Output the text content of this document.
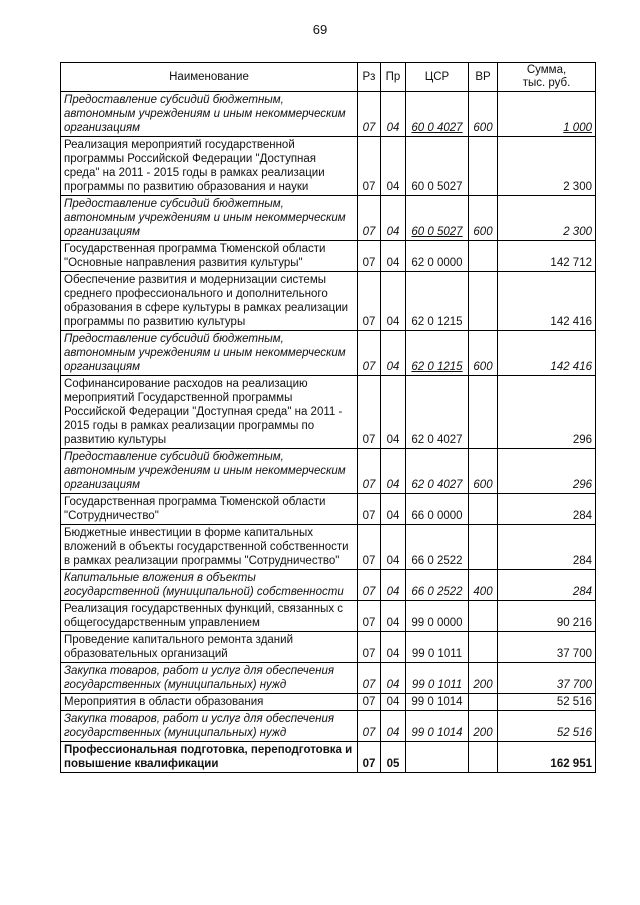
69
Наименование	Рз	Пр	ЦСР	ВР	Сумма,
тыс. руб.
Предоставление субсидий бюджетным, автономным учреждениям и иным некоммерческим организациям	07	04	60 0 4027	600	1 000
Реализация мероприятий государственной программы Российской Федерации "Доступная среда" на 2011 - 2015 годы в рамках реализации программы по развитию образования и науки	07	04	60 0 5027		2 300
Предоставление субсидий бюджетным, автономным учреждениям и иным некоммерческим организациям	07	04	60 0 5027	600	2 300
Государственная программа Тюменской области "Основные направления развития культуры"	07	04	62 0 0000		142 712
Обеспечение развития и модернизации системы среднего профессионального и дополнительного образования в сфере культуры в рамках реализации программы по развитию культуры	07	04	62 0 1215		142 416
Предоставление субсидий бюджетным, автономным учреждениям и иным некоммерческим организациям	07	04	62 0 1215	600	142 416
Софинансирование расходов на реализацию мероприятий Государственной программы Российской Федерации "Доступная среда" на 2011 - 2015 годы в рамках реализации программы по развитию культуры	07	04	62 0 4027		296
Предоставление субсидий бюджетным, автономным учреждениям и иным некоммерческим организациям	07	04	62 0 4027	600	296
Государственная программа Тюменской области "Сотрудничество"	07	04	66 0 0000		284
Бюджетные инвестиции в форме капитальных вложений в объекты государственной собственности в рамках реализации программы "Сотрудничество"	07	04	66 0 2522		284
Капитальные вложения в объекты государственной (муниципальной) собственности	07	04	66 0 2522	400	284
Реализация государственных функций, связанных с общегосударственным управлением	07	04	99 0 0000		90 216
Проведение капитального ремонта зданий образовательных организаций	07	04	99 0 1011		37 700
Закупка товаров, работ и услуг для обеспечения государственных (муниципальных) нужд	07	04	99 0 1011	200	37 700
Мероприятия в области образования	07	04	99 0 1014		52 516
Закупка товаров, работ и услуг для обеспечения государственных (муниципальных) нужд	07	04	99 0 1014	200	52 516
Профессиональная подготовка, переподготовка и повышение квалификации	07	05			162 951
